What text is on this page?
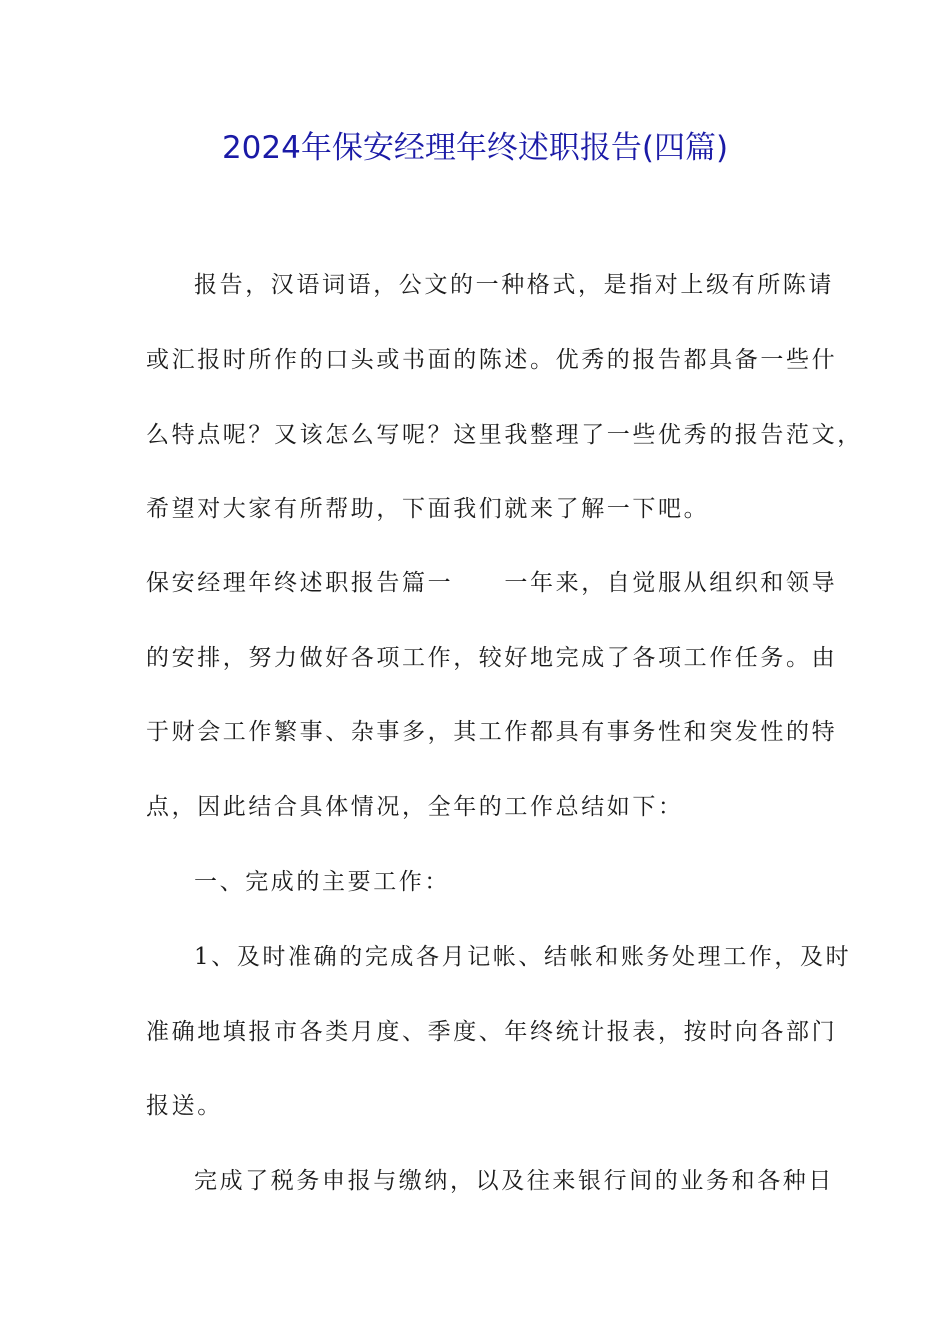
2024年保安经理年终述职报告(四篇)
报告，汉语词语，公文的一种格式，是指对上级有所陈请
或汇报时所作的口头或书面的陈述。优秀的报告都具备一些什
么特点呢？又该怎么写呢？这里我整理了一些优秀的报告范文，
希望对大家有所帮助，下面我们就来了解一下吧。
保安经理年终述职报告篇一　　一年来，自觉服从组织和领导
的安排，努力做好各项工作，较好地完成了各项工作任务。由
于财会工作繁事、杂事多，其工作都具有事务性和突发性的特
点，因此结合具体情况，全年的工作总结如下：
一、完成的主要工作：
1、及时准确的完成各月记帐、结帐和账务处理工作，及时
准确地填报市各类月度、季度、年终统计报表，按时向各部门
报送。
完成了税务申报与缴纳，以及往来银行间的业务和各种日
